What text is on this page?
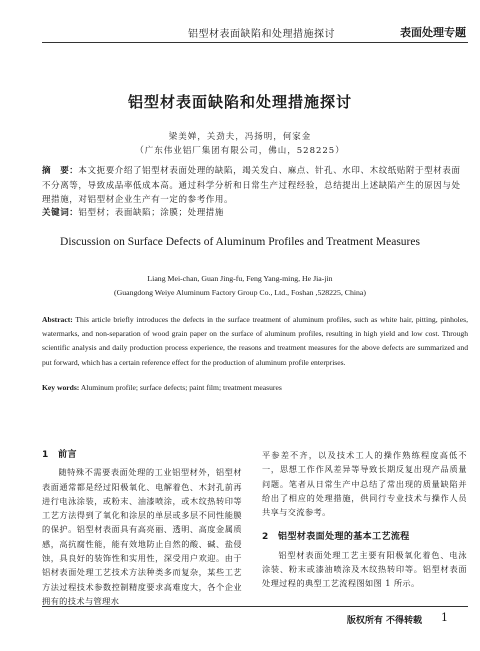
铝型材表面缺陷和处理措施探讨	表面处理专题
铝型材表面缺陷和处理措施探讨
梁美婵，关劲夫，冯扬明，何家金
（广东伟业铝厂集团有限公司，佛山，528225）
摘　要：本文扼要介绍了铝型材表面处理的缺陷，竭关发白、麻点、针孔、水印、木纹纸贴附于型材表面不分离等，导致成品率低成本高。通过科学分析和日常生产过程经验，总结提出上述缺陷产生的原因与处理措施，对铝型材企业生产有一定的参考作用。
关键词：铝型材；表面缺陷；涂膜；处理措施
Discussion on Surface Defects of Aluminum Profiles and Treatment Measures
Liang Mei-chan, Guan Jing-fu, Feng Yang-ming, He Jia-jin
(Guangdong Weiye Aluminum Factory Group Co., Ltd., Foshan ,528225, China)
Abstract: This article briefly introduces the defects in the surface treatment of aluminum profiles, such as white hair, pitting, pinholes, watermarks, and non-separation of wood grain paper on the surface of aluminum profiles, resulting in high yield and low cost. Through scientific analysis and daily production process experience, the reasons and treatment measures for the above defects are summarized and put forward, which has a certain reference effect for the production of aluminum profile enterprises.
Key words: Aluminum profile; surface defects; paint film; treatment measures
1　前言
随特殊不需要表面处理的工业铝型材外，铝型材表面通常都是经过阳极氧化、电解着色、木封孔前再进行电泳涂装，或粉末、油漆喷涂，或木纹热转印等工艺方法得到了氧化和涂层的单层或多层不同性能膜的保护。铝型材表面具有高亮丽、透明、高度金属质感，高抗腐性能，能有效地防止自然的酸、碱、盐侵蚀，具良好的装饰性和实用性，深受用户欢迎。由于铝材表面处理工艺技术方法种类多而复杂，某些工艺方法过程技术参数控制精度要求高难度大，各个企业拥有的技术与管理水
平参差不齐，以及技术工人的操作熟练程度高低不一，思想工作作风差异等导致长期反复出现产品质量问题。笔者从日常生产中总结了常出现的质量缺陷并给出了相应的处理措施，供同行专业技术与操作人员共享与交流参考。
2　铝型材表面处理的基本工艺流程
铝型材表面处理工艺主要有阳极氧化着色、电泳涂装、粉末或漆油喷涂及木纹热转印等。铝型材表面处理过程的典型工艺流程图如图 1 所示。
版权所有 不得转载 1
